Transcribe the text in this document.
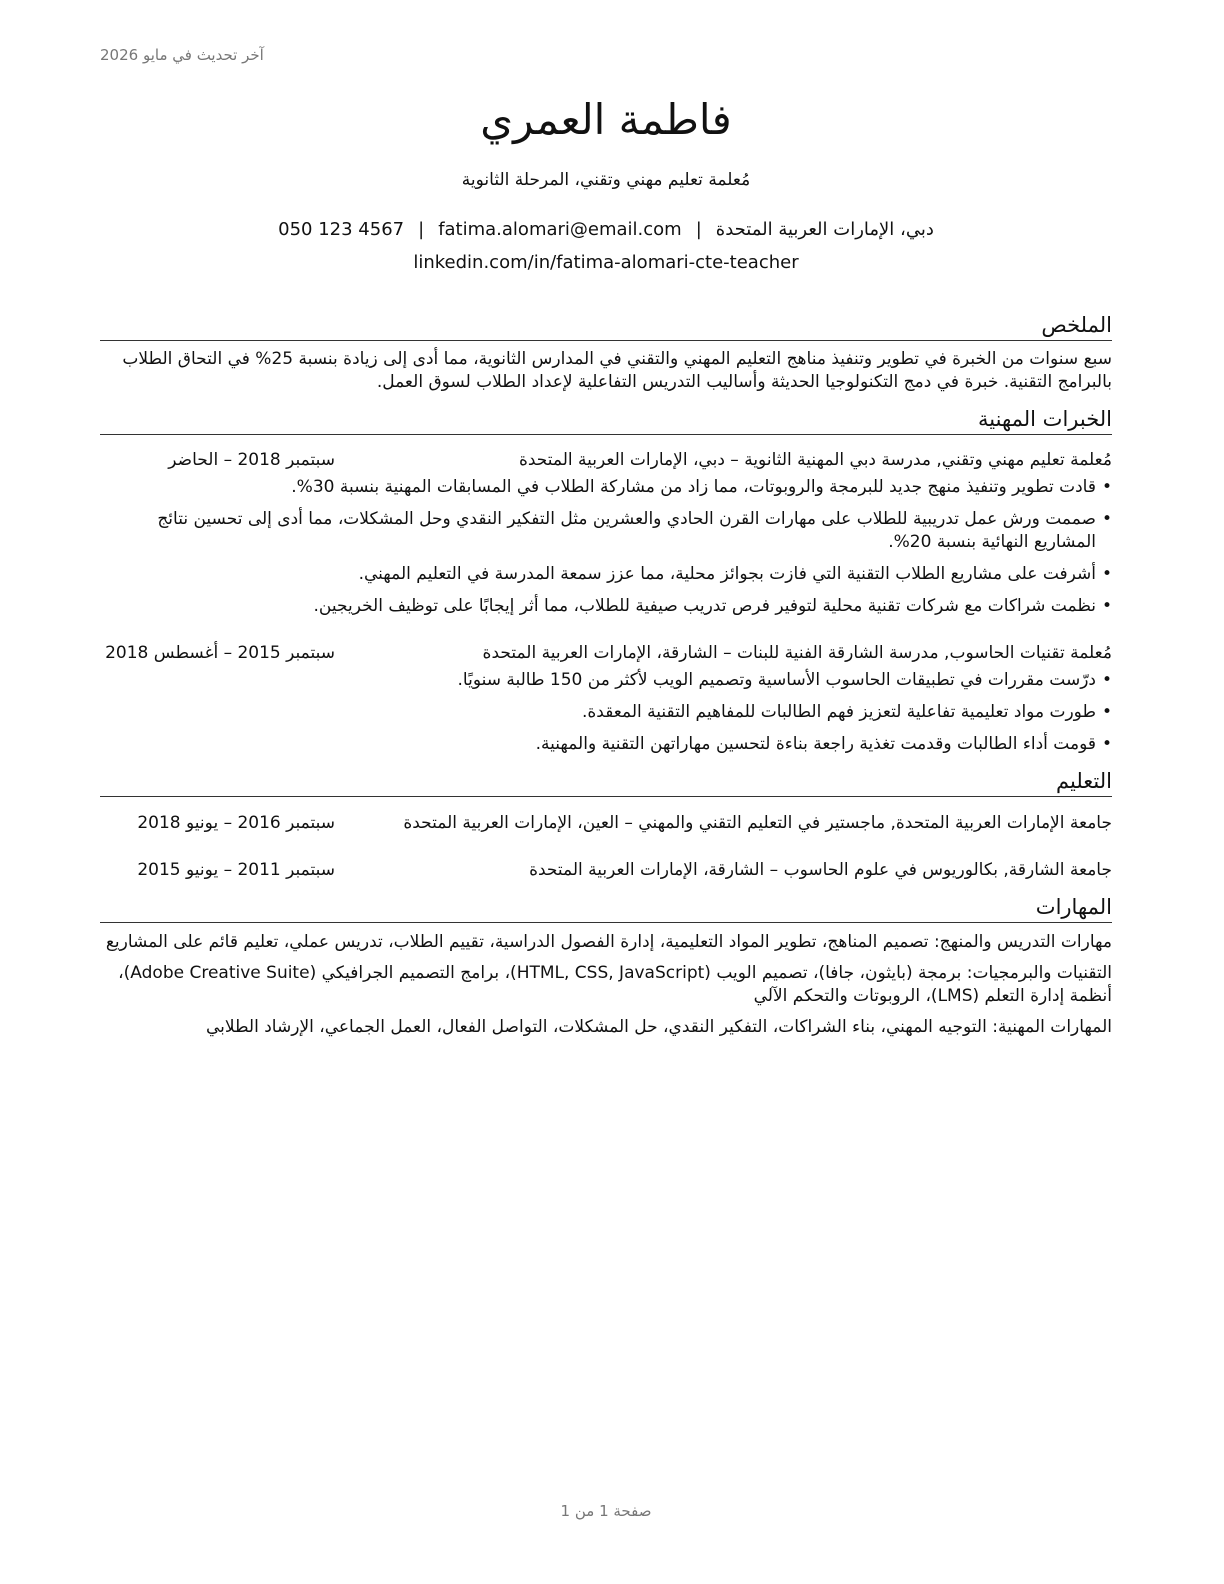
آخر تحديث في مايو 2026
فاطمة العمري
مُعلمة تعليم مهني وتقني، المرحلة الثانوية
دبي، الإمارات العربية المتحدة|fatima.alomari@email.com|050 123 4567
linkedin.com/in/fatima-alomari-cte-teacher
الملخص

سبع سنوات من الخبرة في تطوير وتنفيذ مناهج التعليم المهني والتقني في المدارس الثانوية، مما أدى إلى زيادة بنسبة 25% في التحاق الطلاب بالبرامج التقنية. خبرة في دمج التكنولوجيا الحديثة وأساليب التدريس التفاعلية لإعداد الطلاب لسوق العمل.

الخبرات المهنية
مُعلمة تعليم مهني وتقني, مدرسة دبي المهنية الثانوية – دبي، الإمارات العربية المتحدة
سبتمبر 2018 – الحاضر
• قادت تطوير وتنفيذ منهج جديد للبرمجة والروبوتات، مما زاد من مشاركة الطلاب في المسابقات المهنية بنسبة 30%.
• صممت ورش عمل تدريبية للطلاب على مهارات القرن الحادي والعشرين مثل التفكير النقدي وحل المشكلات، مما أدى إلى تحسين نتائج المشاريع النهائية بنسبة 20%.
• أشرفت على مشاريع الطلاب التقنية التي فازت بجوائز محلية، مما عزز سمعة المدرسة في التعليم المهني.
• نظمت شراكات مع شركات تقنية محلية لتوفير فرص تدريب صيفية للطلاب، مما أثر إيجابًا على توظيف الخريجين.
مُعلمة تقنيات الحاسوب, مدرسة الشارقة الفنية للبنات – الشارقة، الإمارات العربية المتحدة
سبتمبر 2015 – أغسطس 2018
• درّست مقررات في تطبيقات الحاسوب الأساسية وتصميم الويب لأكثر من 150 طالبة سنويًا.
• طورت مواد تعليمية تفاعلية لتعزيز فهم الطالبات للمفاهيم التقنية المعقدة.
• قومت أداء الطالبات وقدمت تغذية راجعة بناءة لتحسين مهاراتهن التقنية والمهنية.
التعليم
جامعة الإمارات العربية المتحدة, ماجستير في التعليم التقني والمهني – العين، الإمارات العربية المتحدة
سبتمبر 2016 – يونيو 2018
جامعة الشارقة, بكالوريوس في علوم الحاسوب – الشارقة، الإمارات العربية المتحدة
سبتمبر 2011 – يونيو 2015
المهارات

مهارات التدريس والمنهج: تصميم المناهج، تطوير المواد التعليمية، إدارة الفصول الدراسية، تقييم الطلاب، تدريس عملي، تعليم قائم على المشاريع

التقنيات والبرمجيات: برمجة (بايثون، جافا)، تصميم الويب (HTML, CSS, JavaScript)، برامج التصميم الجرافيكي (Adobe Creative Suite)، أنظمة إدارة التعلم (LMS)، الروبوتات والتحكم الآلي

المهارات المهنية: التوجيه المهني، بناء الشراكات، التفكير النقدي، حل المشكلات، التواصل الفعال، العمل الجماعي، الإرشاد الطلابي

صفحة 1 من 1
